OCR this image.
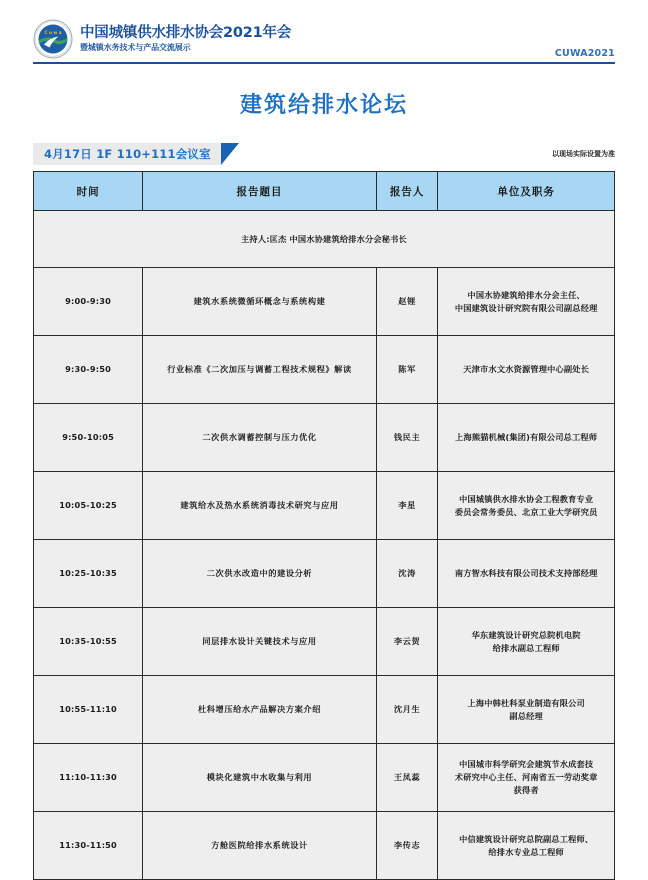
C u w a 中国城镇供水排水协会2021年会
暨城镇水务技术与产品交流展示
CUWA2021
建筑给排水论坛
4月17日 1F 110+111会议室	以现场实际设置为准
时间	报告题目	报告人	单位及职务
主持人:匡杰 中国水协建筑给排水分会秘书长			
9:00-9:30	建筑水系统微循环概念与系统构建	赵锂	中国水协建筑给排水分会主任、
中国建筑设计研究院有限公司副总经理

9:30-9:50	行业标准《二次加压与调蓄工程技术规程》解读	陈军	天津市水文水资源管理中心副处长

9:50-10:05	二次供水调蓄控制与压力优化	钱民主	上海熊猫机械(集团)有限公司总工程师

10:05-10:25	建筑给水及热水系统消毒技术研究与应用	李星	中国城镇供水排水协会工程教育专业
委员会常务委员、北京工业大学研究员

10:25-10:35	二次供水改造中的建设分析	沈涛	南方智水科技有限公司技术支持部经理

10:35-10:55	同层排水设计关键技术与应用	李云贺	华东建筑设计研究总院机电院
给排水副总工程师

10:55-11:10	杜科增压给水产品解决方案介绍	沈月生	上海中韩杜科泵业制造有限公司
副总经理

11:10-11:30	模块化建筑中水收集与利用	王凤蕊	中国城市科学研究会建筑节水成套技
术研究中心主任、河南省五一劳动奖章
获得者

11:30-11:50	方舱医院给排水系统设计	李传志	中信建筑设计研究总院副总工程师、
给排水专业总工程师
